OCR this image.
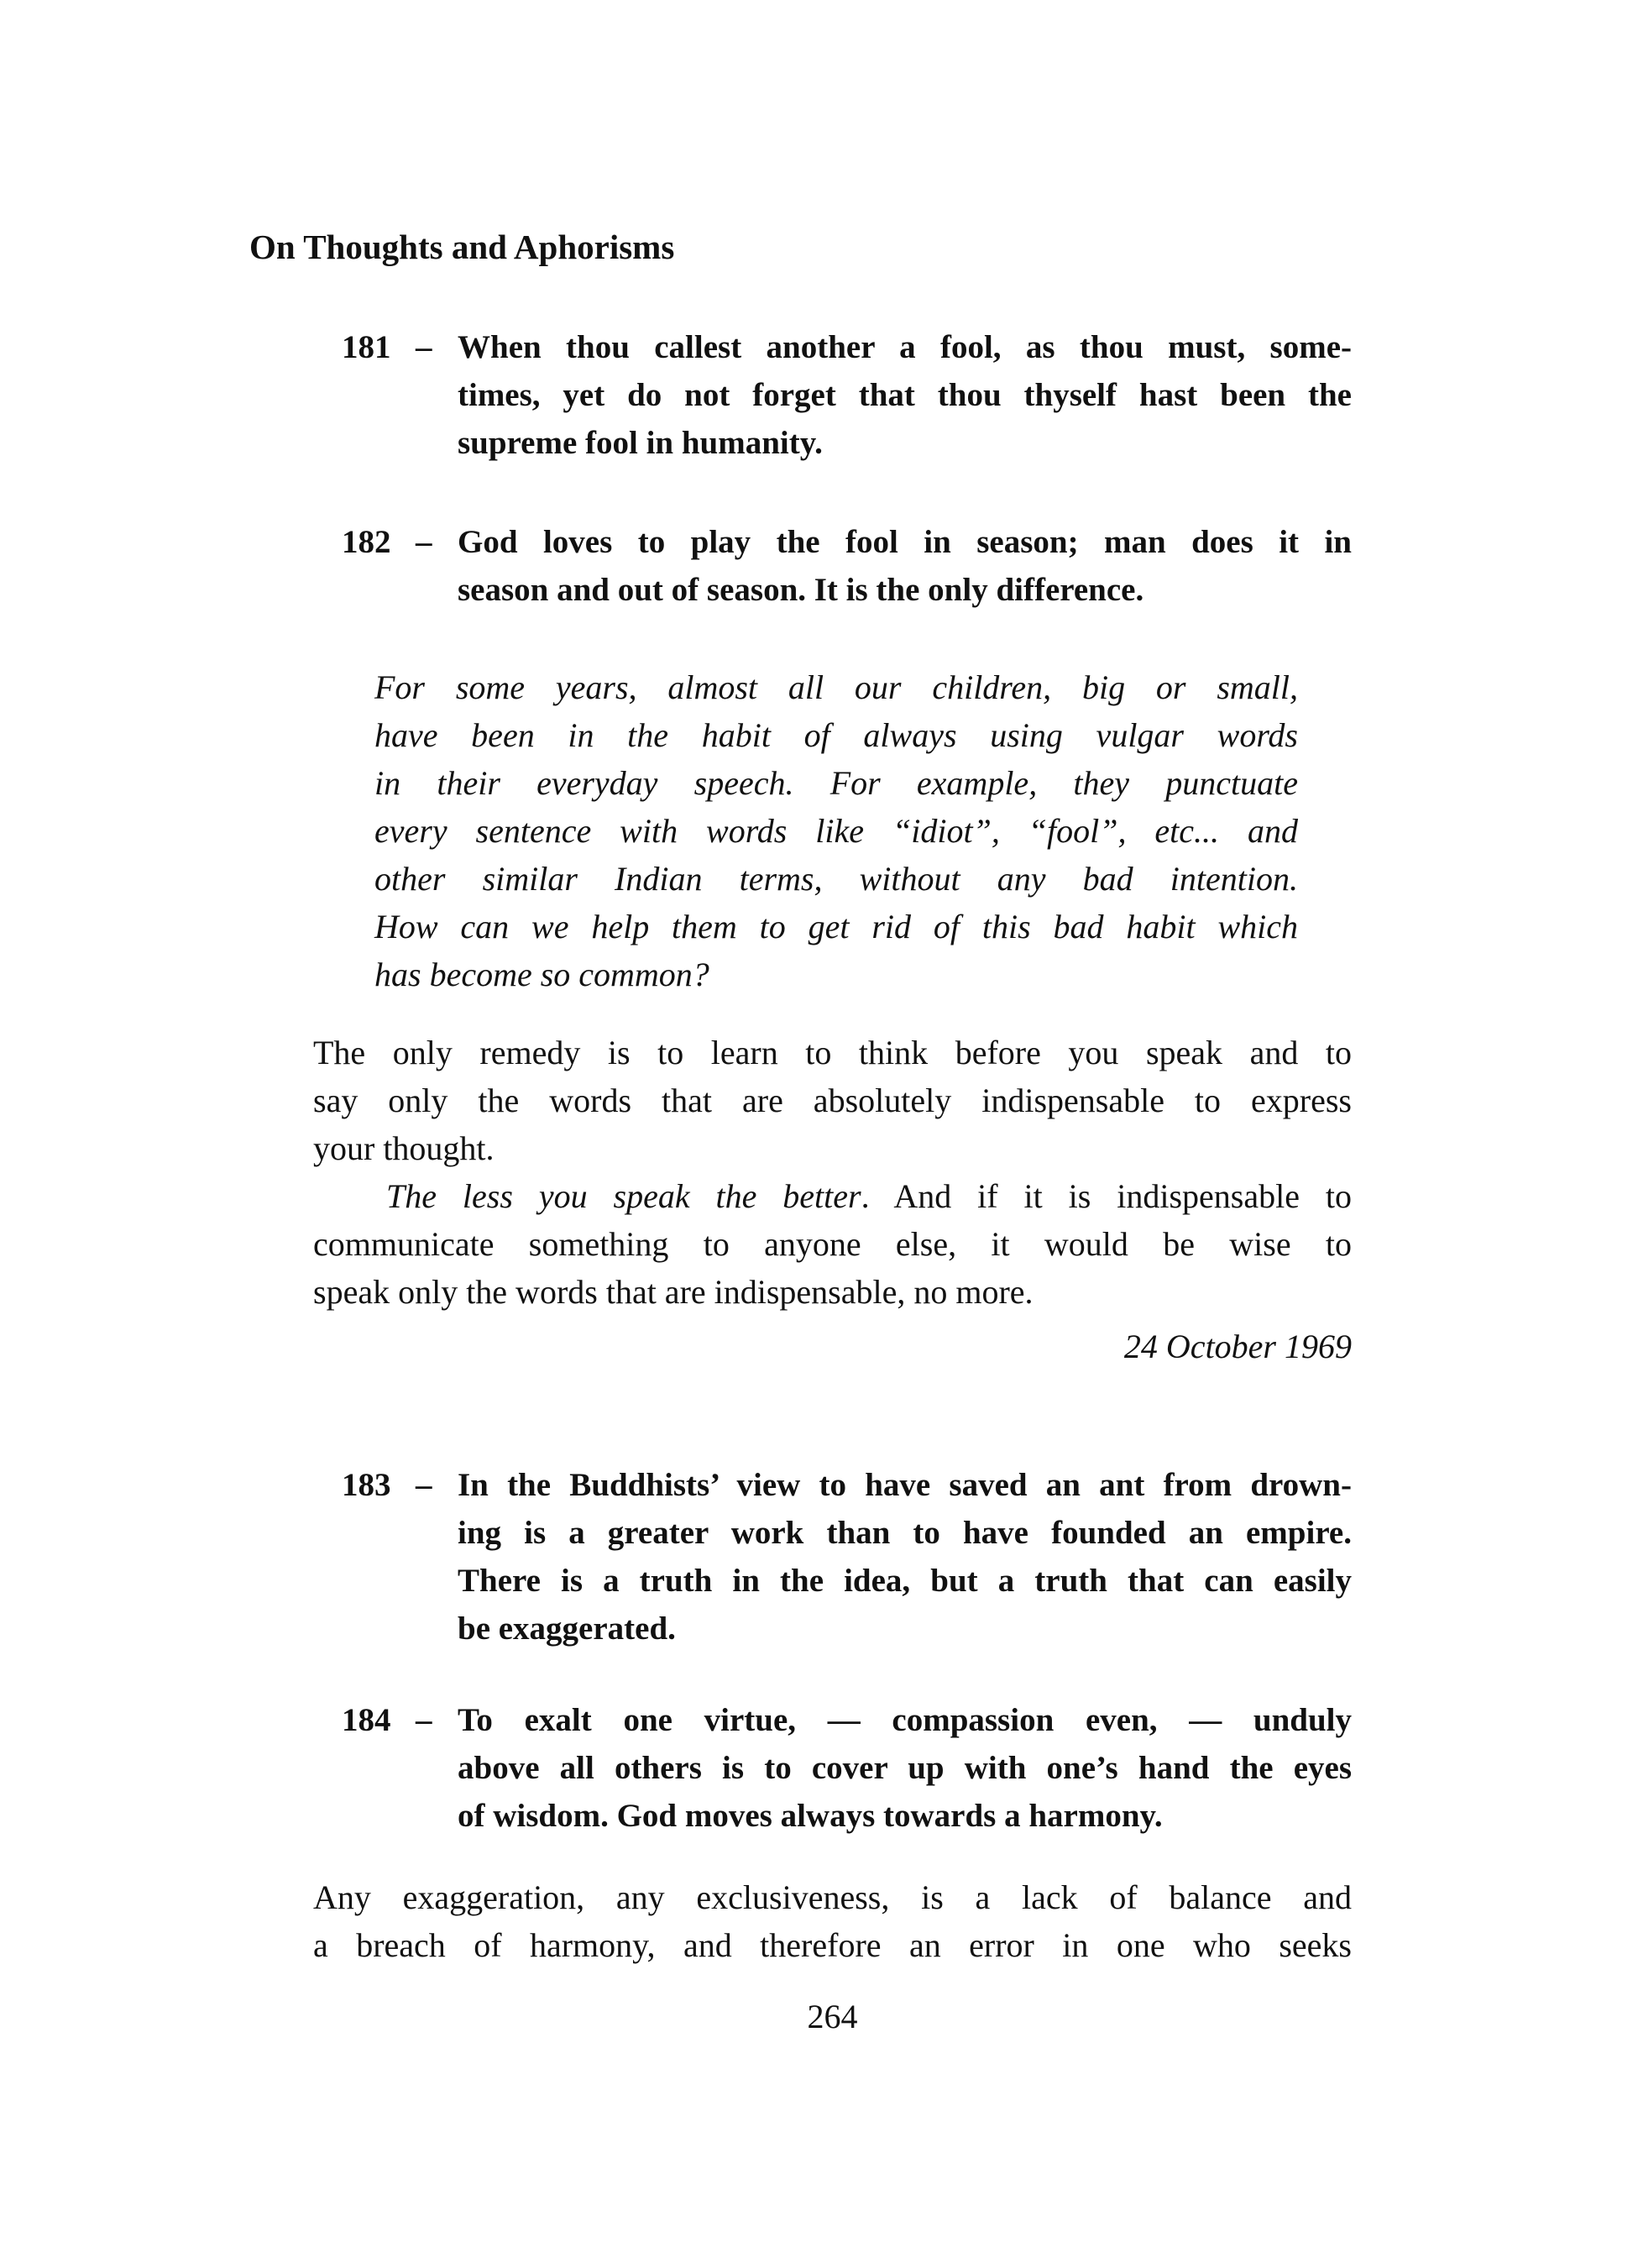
On Thoughts and Aphorisms
181 – When thou callest another a fool, as thou must, some-
times, yet do not forget that thou thyself hast been the
supreme fool in humanity.
182 – God loves to play the fool in season; man does it in
season and out of season. It is the only difference.
For some years, almost all our children, big or small,
have been in the habit of always using vulgar words
in their everyday speech. For example, they punctuate
every sentence with words like “idiot”, “fool”, etc... and
other similar Indian terms, without any bad intention.
How can we help them to get rid of this bad habit which
has become so common?
The only remedy is to learn to think before you speak and to
say only the words that are absolutely indispensable to express
your thought.
The less you speak the better. And if it is indispensable to
communicate something to anyone else, it would be wise to
speak only the words that are indispensable, no more.
24 October 1969
183 – In the Buddhists’ view to have saved an ant from drown-
ing is a greater work than to have founded an empire.
There is a truth in the idea, but a truth that can easily
be exaggerated.
184 – To exalt one virtue, — compassion even, — unduly
above all others is to cover up with one’s hand the eyes
of wisdom. God moves always towards a harmony.
Any exaggeration, any exclusiveness, is a lack of balance and
a breach of harmony, and therefore an error in one who seeks
264
